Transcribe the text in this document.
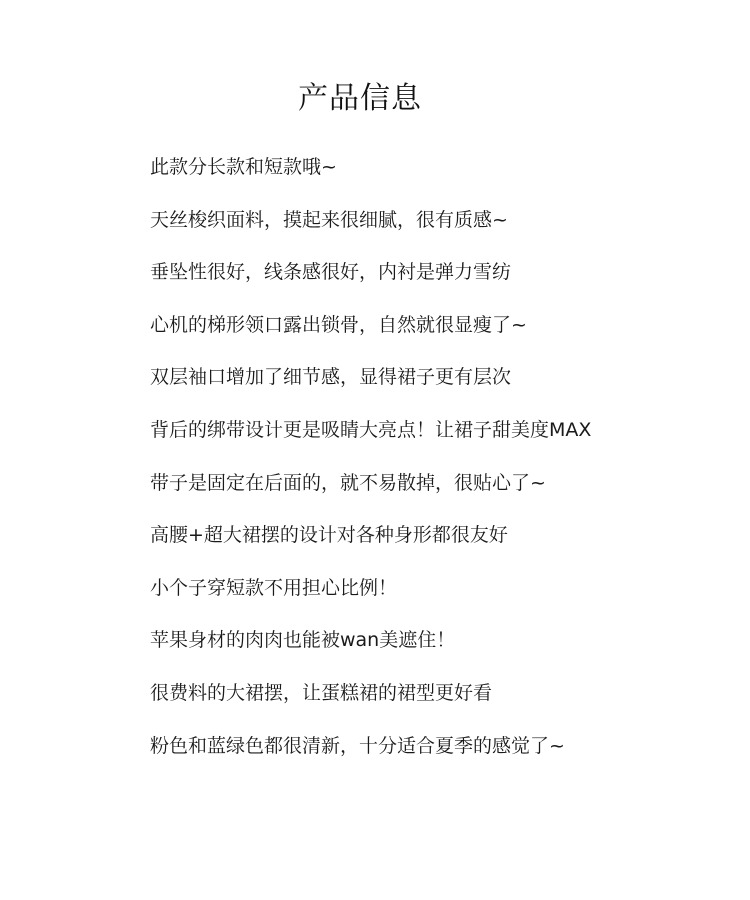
产品信息
此款分长款和短款哦~
天丝梭织面料，摸起来很细腻，很有质感~
垂坠性很好，线条感很好，内衬是弹力雪纺
心机的梯形领口露出锁骨，自然就很显瘦了~
双层袖口增加了细节感，显得裙子更有层次
背后的绑带设计更是吸睛大亮点！让裙子甜美度MAX
带子是固定在后面的，就不易散掉，很贴心了~
高腰+超大裙摆的设计对各种身形都很友好
小个子穿短款不用担心比例！
苹果身材的肉肉也能被wan美遮住！
很费料的大裙摆，让蛋糕裙的裙型更好看
粉色和蓝绿色都很清新，十分适合夏季的感觉了~
